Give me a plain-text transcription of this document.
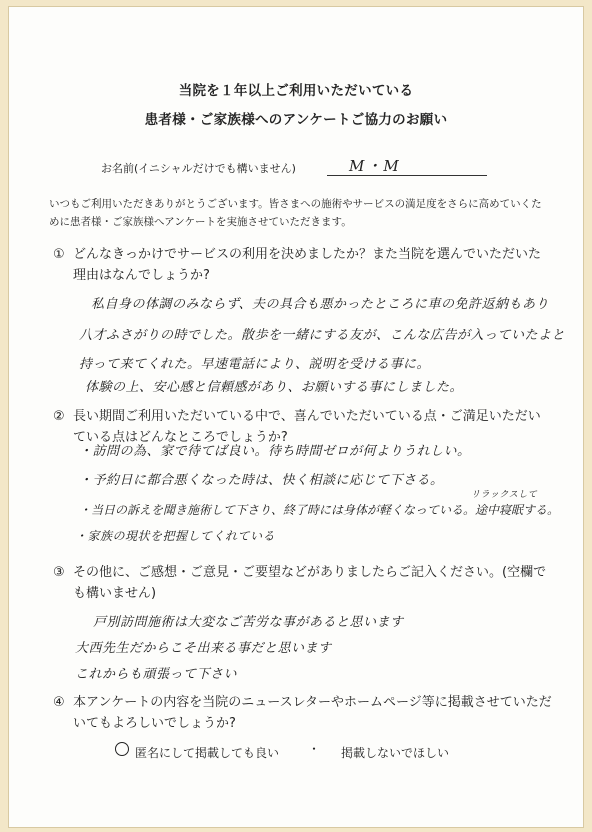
当院を１年以上ご利用いただいている
患者様・ご家族様へのアンケートご協力のお願い
お名前(イニシャルだけでも構いません)	M・M
いつもご利用いただきありがとうございます。皆さまへの施術やサービスの満足度をさらに高めていくために患者様・ご家族様へアンケートを実施させていただきます。
① どんなきっかけでサービスの利用を決めましたか？また当院を選んでいただいた理由はなんでしょうか?
私自身の体調のみならず、夫の具合も悪かったところに車の免許返納もあり
八才ふさがりの時でした。散歩を一緒にする友が、こんな広告が入っていたよと
持って来てくれた。早速電話により、説明を受ける事に。
体験の上、安心感と信頼感があり、お願いする事にしました。
② 長い期間ご利用いただいている中で、喜んでいただいている点・ご満足いただいている点はどんなところでしょうか?
・訪問の為、家で待てば良い。待ち時間ゼロが何よりうれしい。
・予約日に都合悪くなった時は、快く相談に応じて下さる。
リラックスして
・当日の訴えを聞き施術して下さり、終了時には身体が軽くなっている。途中寝眠する。
・家族の現状を把握してくれている
③ その他に、ご感想・ご意見・ご要望などがありましたらご記入ください。(空欄でも構いません)
戸別訪問施術は大変なご苦労な事があると思います
大西先生だからこそ出来る事だと思います
これからも頑張って下さい
④ 本アンケートの内容を当院のニュースレターやホームページ等に掲載させていただいてもよろしいでしょうか?
匿名にして掲載しても良い ・ 掲載しないでほしい
